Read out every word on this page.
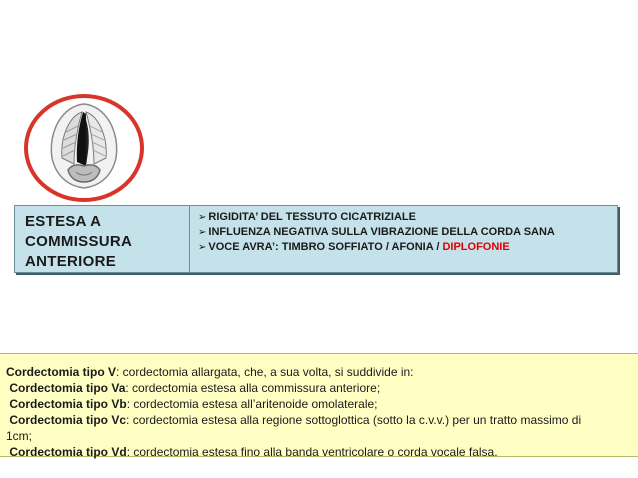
ESTESA A
COMMISSURA
ANTERIORE
➢ RIGIDITA’ DEL TESSUTO CICATRIZIALE
➢ INFLUENZA NEGATIVA SULLA VIBRAZIONE DELLA CORDA SANA
➢ VOCE AVRA’: TIMBRO SOFFIATO / AFONIA / DIPLOFONIE
Cordectomia tipo V: cordectomia allargata, che, a sua volta, si suddivide in:
Cordectomia tipo Va: cordectomia estesa alla commissura anteriore;
Cordectomia tipo Vb: cordectomia estesa all’aritenoide omolaterale;
Cordectomia tipo Vc: cordectomia estesa alla regione sottoglottica (sotto la c.v.v.) per un tratto massimo di
1cm;
Cordectomia tipo Vd: cordectomia estesa fino alla banda ventricolare o corda vocale falsa.
